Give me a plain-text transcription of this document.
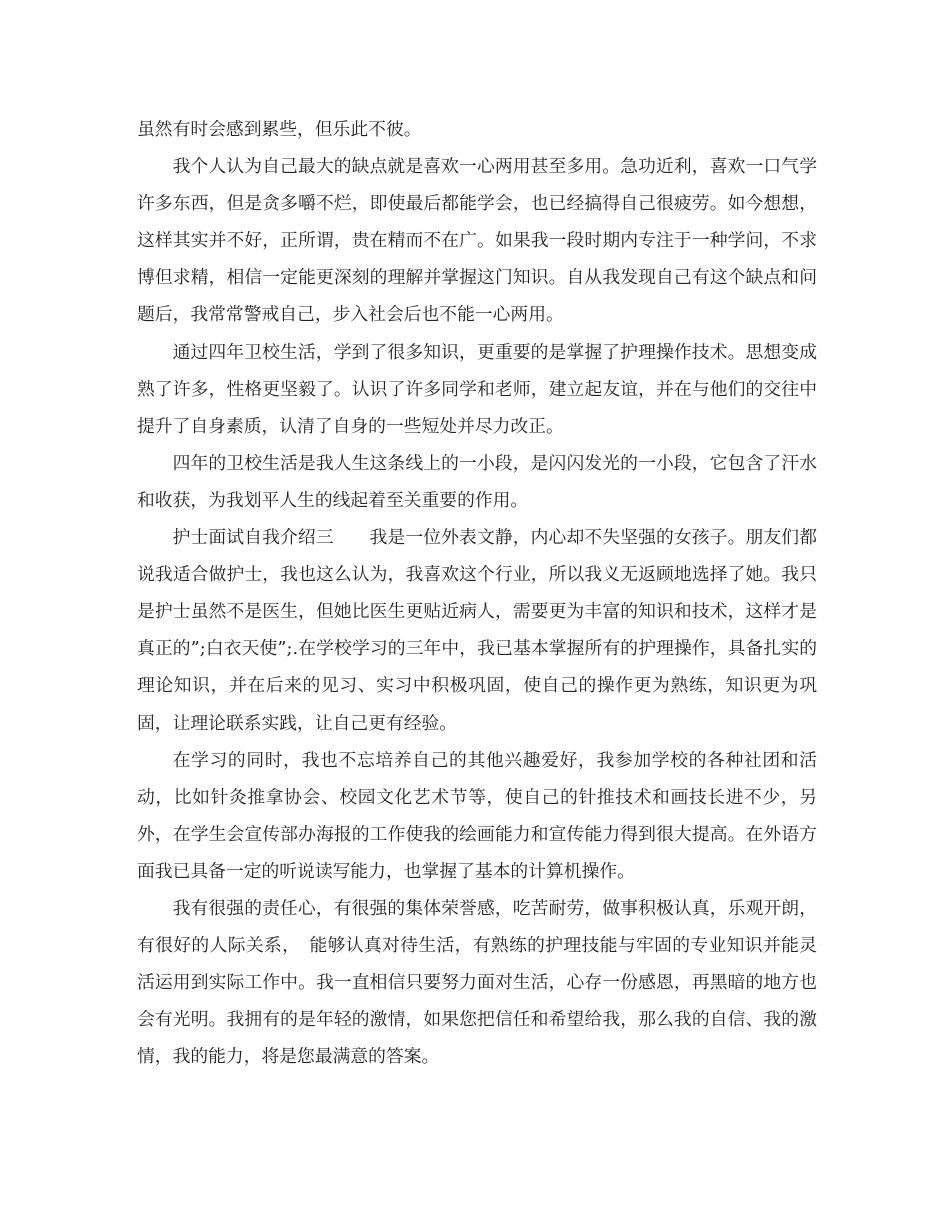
虽然有时会感到累些，但乐此不彼。

我个人认为自己最大的缺点就是喜欢一心两用甚至多用。急功近利，喜欢一口气学许多东西，但是贪多嚼不烂，即使最后都能学会，也已经搞得自己很疲劳。如今想想，这样其实并不好，正所谓，贵在精而不在广。如果我一段时期内专注于一种学问，不求博但求精，相信一定能更深刻的理解并掌握这门知识。自从我发现自己有这个缺点和问题后，我常常警戒自己，步入社会后也不能一心两用。

通过四年卫校生活，学到了很多知识，更重要的是掌握了护理操作技术。思想变成熟了许多，性格更坚毅了。认识了许多同学和老师，建立起友谊，并在与他们的交往中提升了自身素质，认清了自身的一些短处并尽力改正。

四年的卫校生活是我人生这条线上的一小段，是闪闪发光的一小段，它包含了汗水和收获，为我划平人生的线起着至关重要的作用。

护士面试自我介绍三　　我是一位外表文静，内心却不失坚强的女孩子。朋友们都说我适合做护士，我也这么认为，我喜欢这个行业，所以我义无返顾地选择了她。我只是护士虽然不是医生，但她比医生更贴近病人，需要更为丰富的知识和技术，这样才是真正的”;白衣天使”;.在学校学习的三年中，我已基本掌握所有的护理操作，具备扎实的理论知识，并在后来的见习、实习中积极巩固，使自己的操作更为熟练，知识更为巩固，让理论联系实践，让自己更有经验。

在学习的同时，我也不忘培养自己的其他兴趣爱好，我参加学校的各种社团和活动，比如针灸推拿协会、校园文化艺术节等，使自己的针推技术和画技长进不少，另外，在学生会宣传部办海报的工作使我的绘画能力和宣传能力得到很大提高。在外语方面我已具备一定的听说读写能力，也掌握了基本的计算机操作。

我有很强的责任心，有很强的集体荣誉感，吃苦耐劳，做事积极认真，乐观开朗，有很好的人际关系，　能够认真对待生活，有熟练的护理技能与牢固的专业知识并能灵活运用到实际工作中。我一直相信只要努力面对生活，心存一份感恩，再黑暗的地方也会有光明。我拥有的是年轻的激情，如果您把信任和希望给我，那么我的自信、我的激情，我的能力，将是您最满意的答案。
